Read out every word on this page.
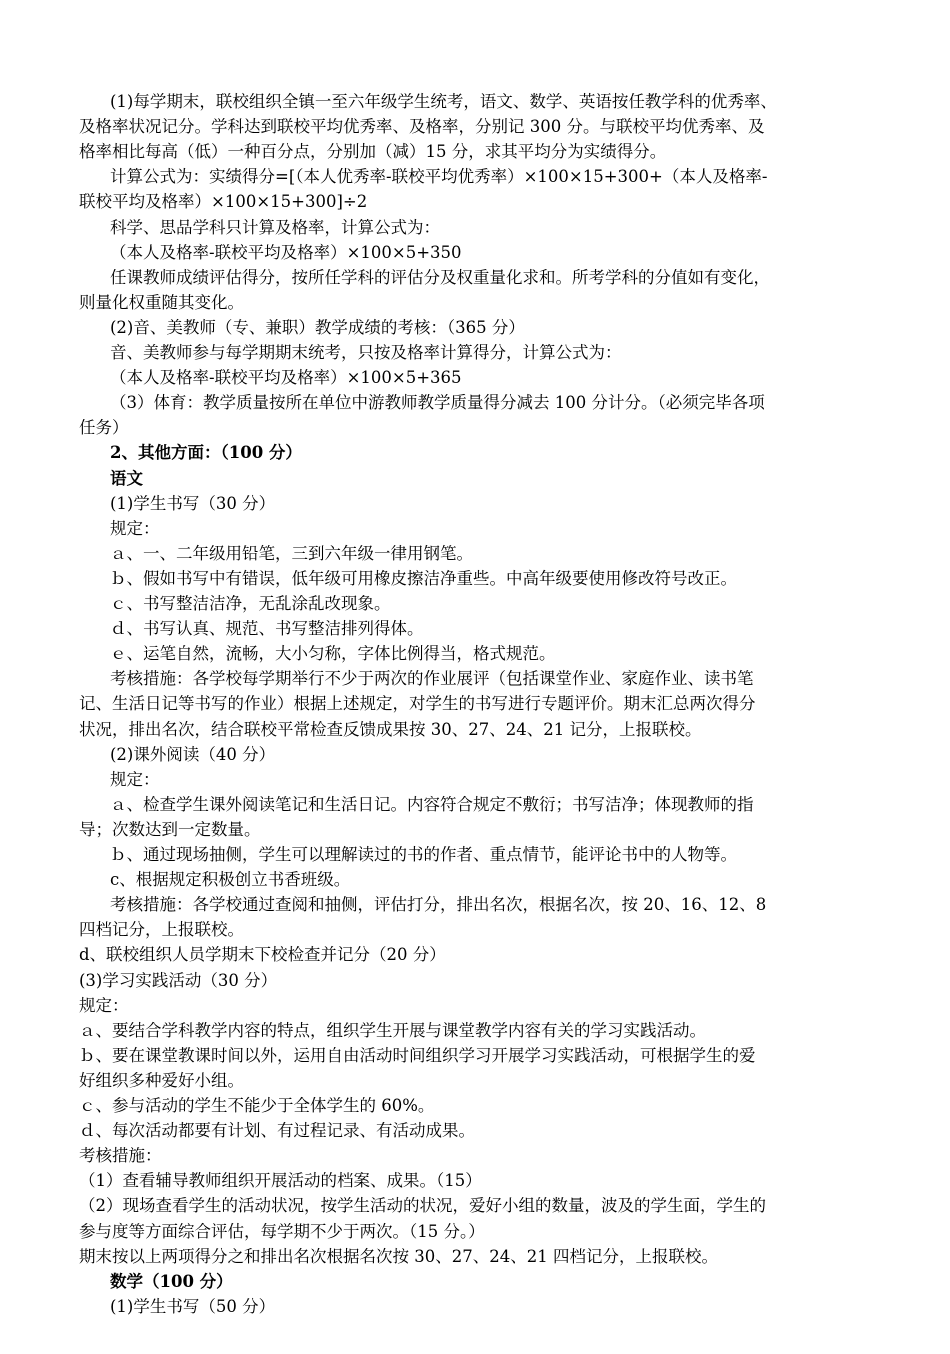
(1)每学期末，联校组织全镇一至六年级学生统考，语文、数学、英语按任教学科的优秀率、
及格率状况记分。学科达到联校平均优秀率、及格率，分别记 300 分。与联校平均优秀率、及
格率相比每高（低）一种百分点，分别加（减）15 分，求其平均分为实绩得分。
计算公式为：实绩得分=[（本人优秀率-联校平均优秀率）×100×15+300+（本人及格率-
联校平均及格率）×100×15+300]÷2
科学、思品学科只计算及格率，计算公式为：
（本人及格率-联校平均及格率）×100×5+350
任课教师成绩评估得分，按所任学科的评估分及权重量化求和。所考学科的分值如有变化，
则量化权重随其变化。
(2)音、美教师（专、兼职）教学成绩的考核：（365 分）
音、美教师参与每学期期末统考，只按及格率计算得分，计算公式为：
（本人及格率-联校平均及格率）×100×5+365
（3）体育：教学质量按所在单位中游教师教学质量得分减去 100 分计分。（必须完毕各项
任务）
2、其他方面：（100 分）
语文
(1)学生书写（30 分）
规定：
ａ、一、二年级用铅笔，三到六年级一律用钢笔。
ｂ、假如书写中有错误，低年级可用橡皮擦洁净重些。中高年级要使用修改符号改正。
ｃ、书写整洁洁净，无乱涂乱改现象。
ｄ、书写认真、规范、书写整洁排列得体。
ｅ、运笔自然，流畅，大小匀称，字体比例得当，格式规范。
考核措施：各学校每学期举行不少于两次的作业展评（包括课堂作业、家庭作业、读书笔
记、生活日记等书写的作业）根据上述规定，对学生的书写进行专题评价。期末汇总两次得分
状况，排出名次，结合联校平常检查反馈成果按 30、27、24、21 记分，上报联校。
(2)课外阅读（40 分）
规定：
ａ、检查学生课外阅读笔记和生活日记。内容符合规定不敷衍；书写洁净；体现教师的指
导；次数达到一定数量。
ｂ、通过现场抽侧，学生可以理解读过的书的作者、重点情节，能评论书中的人物等。
c、根据规定积极创立书香班级。
考核措施：各学校通过查阅和抽侧，评估打分，排出名次，根据名次，按 20、16、12、8
四档记分，上报联校。
d、联校组织人员学期末下校检查并记分（20 分）
(3)学习实践活动（30 分）
规定：
ａ、要结合学科教学内容的特点，组织学生开展与课堂教学内容有关的学习实践活动。
ｂ、要在课堂教课时间以外，运用自由活动时间组织学习开展学习实践活动，可根据学生的爱
好组织多种爱好小组。
ｃ、参与活动的学生不能少于全体学生的 60%。
ｄ、每次活动都要有计划、有过程记录、有活动成果。
考核措施：
（1）查看辅导教师组织开展活动的档案、成果。（15）
（2）现场查看学生的活动状况，按学生活动的状况，爱好小组的数量，波及的学生面，学生的
参与度等方面综合评估，每学期不少于两次。（15 分。）
期末按以上两项得分之和排出名次根据名次按 30、27、24、21 四档记分，上报联校。
数学（100 分）
(1)学生书写（50 分）
